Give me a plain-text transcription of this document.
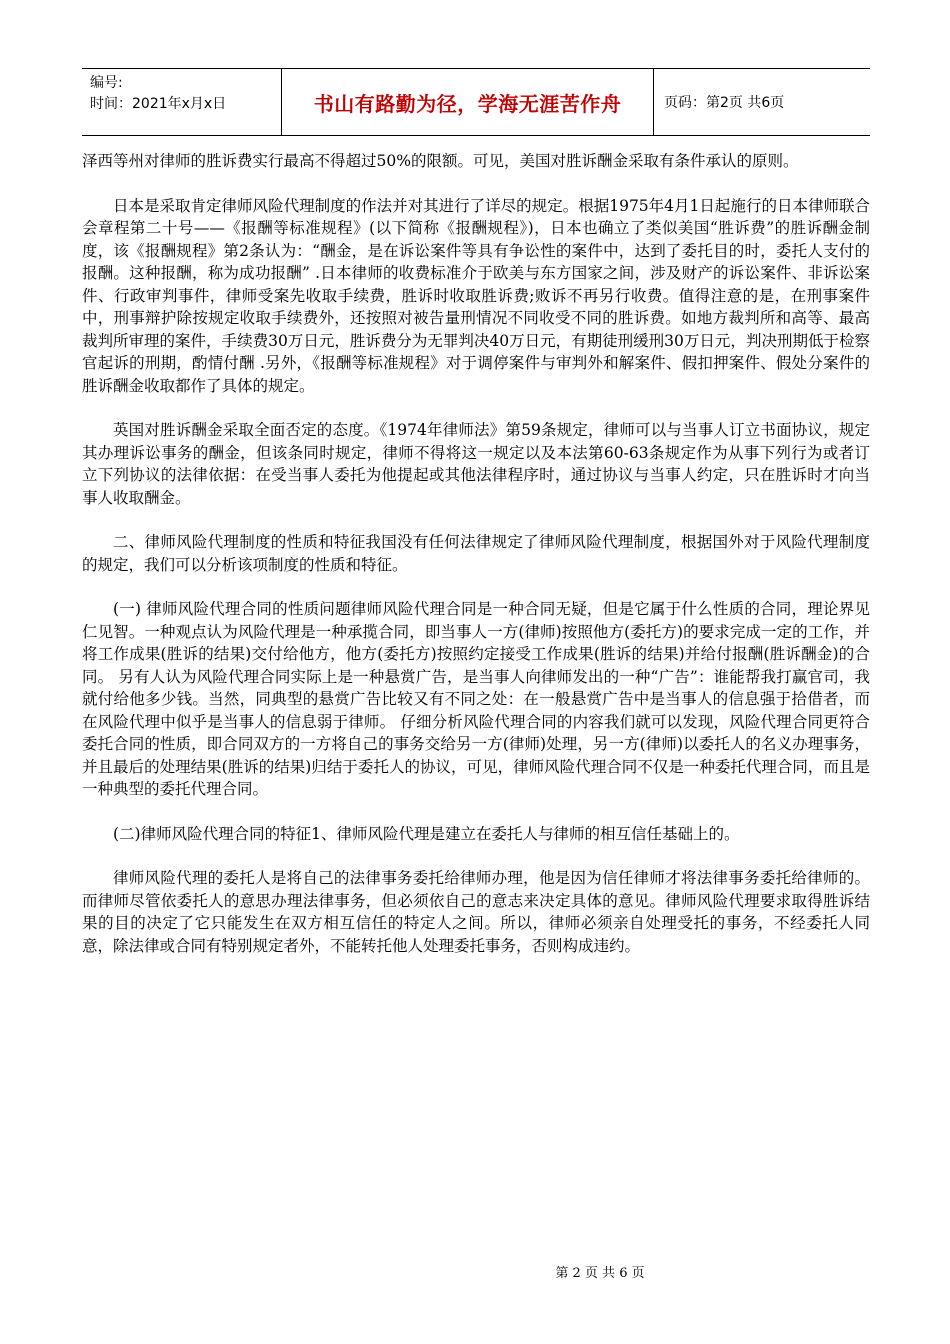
编号:
时间：2021年x月x日	书山有路勤为径，学海无涯苦作舟	页码：第2页 共6页

泽西等州对律师的胜诉费实行最高不得超过50%的限额。可见，美国对胜诉酬金采取有条件承认的原则。

日本是采取肯定律师风险代理制度的作法并对其进行了详尽的规定。根据1975年4月1日起施行的日本律师联合会章程第二十号——《报酬等标准规程》(以下简称《报酬规程》)，日本也确立了类似美国“胜诉费”的胜诉酬金制度，该《报酬规程》第2条认为：“酬金，是在诉讼案件等具有争讼性的案件中，达到了委托目的时，委托人支付的报酬。这种报酬，称为成功报酬” .日本律师的收费标准介于欧美与东方国家之间，涉及财产的诉讼案件、非诉讼案件、行政审判事件，律师受案先收取手续费，胜诉时收取胜诉费;败诉不再另行收费。值得注意的是，在刑事案件中，刑事辩护除按规定收取手续费外，还按照对被告量刑情况不同收受不同的胜诉费。如地方裁判所和高等、最高裁判所审理的案件，手续费30万日元，胜诉费分为无罪判决40万日元，有期徒刑缓刑30万日元，判决刑期低于检察官起诉的刑期，酌情付酬 .另外，《报酬等标准规程》对于调停案件与审判外和解案件、假扣押案件、假处分案件的胜诉酬金收取都作了具体的规定。

英国对胜诉酬金采取全面否定的态度。《1974年律师法》第59条规定，律师可以与当事人订立书面协议，规定其办理诉讼事务的酬金，但该条同时规定，律师不得将这一规定以及本法第60-63条规定作为从事下列行为或者订立下列协议的法律依据：在受当事人委托为他提起或其他法律程序时，通过协议与当事人约定，只在胜诉时才向当事人收取酬金。

二、律师风险代理制度的性质和特征我国没有任何法律规定了律师风险代理制度，根据国外对于风险代理制度的规定，我们可以分析该项制度的性质和特征。

(一) 律师风险代理合同的性质问题律师风险代理合同是一种合同无疑，但是它属于什么性质的合同，理论界见仁见智。一种观点认为风险代理是一种承揽合同，即当事人一方(律师)按照他方(委托方)的要求完成一定的工作，并将工作成果(胜诉的结果)交付给他方，他方(委托方)按照约定接受工作成果(胜诉的结果)并给付报酬(胜诉酬金)的合同。 另有人认为风险代理合同实际上是一种悬赏广告，是当事人向律师发出的一种“广告”：谁能帮我打赢官司，我就付给他多少钱。当然，同典型的悬赏广告比较又有不同之处：在一般悬赏广告中是当事人的信息强于拾借者，而在风险代理中似乎是当事人的信息弱于律师。 仔细分析风险代理合同的内容我们就可以发现，风险代理合同更符合委托合同的性质，即合同双方的一方将自己的事务交给另一方(律师)处理，另一方(律师)以委托人的名义办理事务，并且最后的处理结果(胜诉的结果)归结于委托人的协议，可见，律师风险代理合同不仅是一种委托代理合同，而且是一种典型的委托代理合同。

(二)律师风险代理合同的特征1、律师风险代理是建立在委托人与律师的相互信任基础上的。

律师风险代理的委托人是将自己的法律事务委托给律师办理，他是因为信任律师才将法律事务委托给律师的。而律师尽管依委托人的意思办理法律事务，但必须依自己的意志来决定具体的意见。律师风险代理要求取得胜诉结果的目的决定了它只能发生在双方相互信任的特定人之间。所以，律师必须亲自处理受托的事务，不经委托人同意，除法律或合同有特别规定者外，不能转托他人处理委托事务，否则构成违约。

第 2 页 共 6 页
